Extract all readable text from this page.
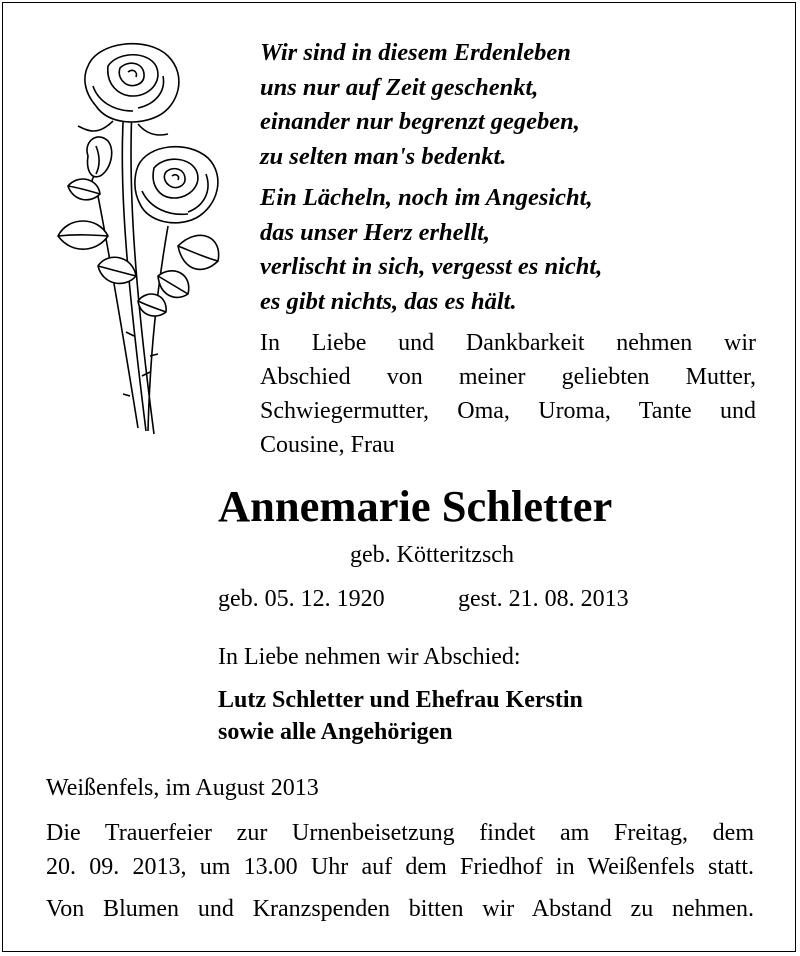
Wir sind in diesem Erdenleben
uns nur auf Zeit geschenkt,
einander nur begrenzt gegeben,
zu selten man's bedenkt.
Ein Lächeln, noch im Angesicht,
das unser Herz erhellt,
verlischt in sich, vergesst es nicht,
es gibt nichts, das es hält.
In Liebe und Dankbarkeit nehmen wir
Abschied von meiner geliebten Mutter,
Schwiegermutter, Oma, Uroma, Tante und
Cousine, Frau
Annemarie Schletter
geb. Kötteritzsch
geb. 05. 12. 1920	gest. 21. 08. 2013
In Liebe nehmen wir Abschied:
Lutz Schletter und Ehefrau Kerstin
sowie alle Angehörigen
Weißenfels, im August 2013
Die Trauerfeier zur Urnenbeisetzung findet am Freitag, dem
20. 09. 2013, um 13.00 Uhr auf dem Friedhof in Weißenfels statt.
Von Blumen und Kranzspenden bitten wir Abstand zu nehmen.
